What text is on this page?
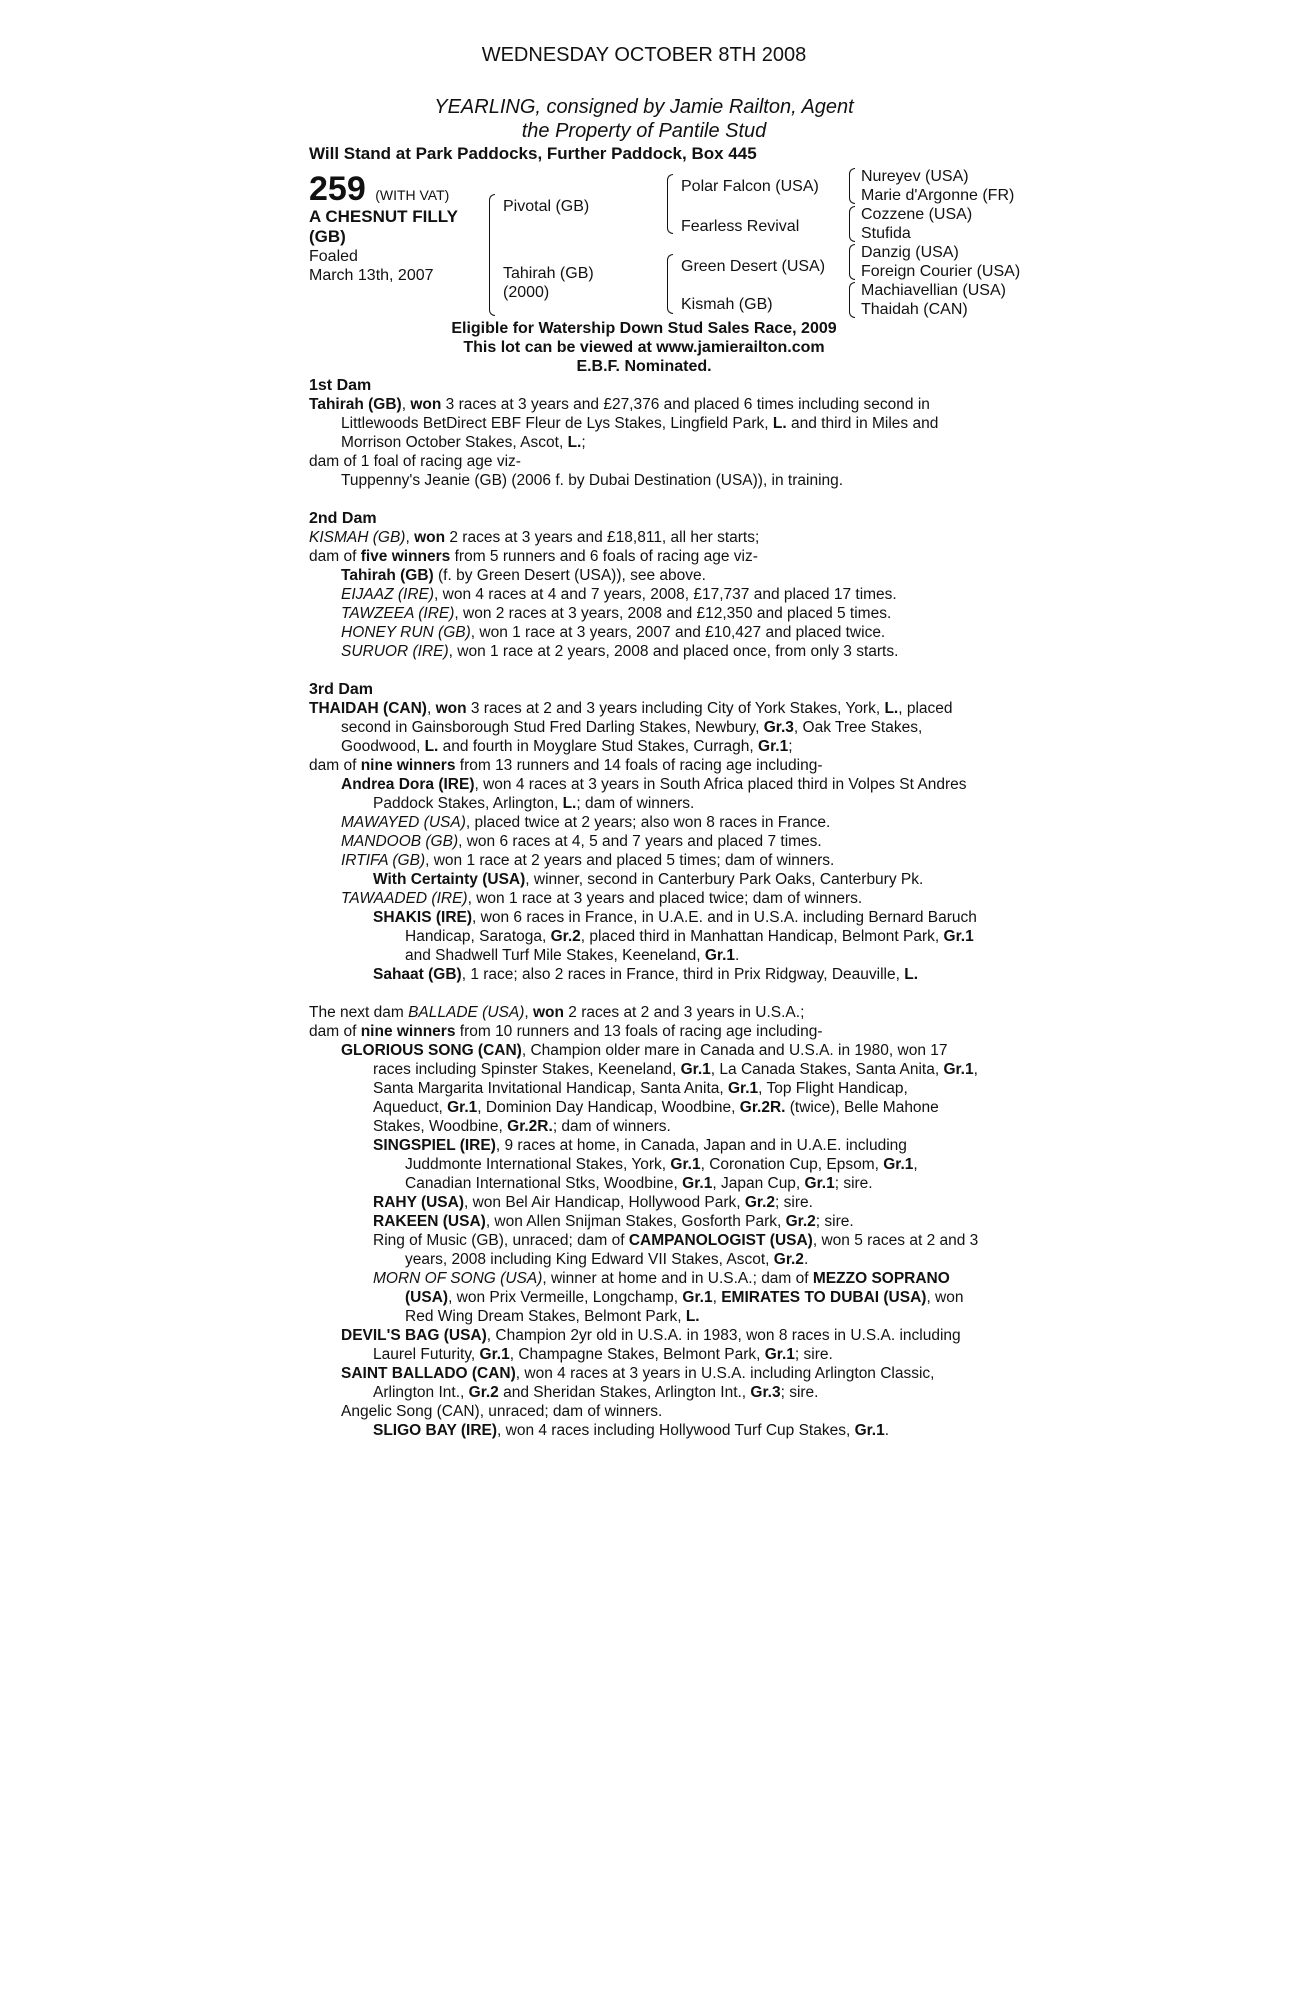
WEDNESDAY OCTOBER 8TH 2008
YEARLING, consigned by Jamie Railton, Agent
the Property of Pantile Stud
Will Stand at Park Paddocks, Further Paddock, Box 445
259 (WITH VAT)
A CHESNUT FILLY (GB)
Foaled
March 13th, 2007
Pivotal (GB)
Tahirah (GB)
(2000)
Polar Falcon (USA)
Fearless Revival
Green Desert (USA)
Kismah (GB)
Nureyev (USA)
Marie d'Argonne (FR)
Cozzene (USA)
Stufida
Danzig (USA)
Foreign Courier (USA)
Machiavellian (USA)
Thaidah (CAN)
Eligible for Watership Down Stud Sales Race, 2009
This lot can be viewed at www.jamierailton.com
E.B.F. Nominated.
1st Dam
Tahirah (GB), won 3 races at 3 years and £27,376 and placed 6 times including second in Littlewoods BetDirect EBF Fleur de Lys Stakes, Lingfield Park, L. and third in Miles and Morrison October Stakes, Ascot, L.;
dam of 1 foal of racing age viz-
Tuppenny's Jeanie (GB) (2006 f. by Dubai Destination (USA)), in training.
2nd Dam
KISMAH (GB), won 2 races at 3 years and £18,811, all her starts;
dam of five winners from 5 runners and 6 foals of racing age viz-
Tahirah (GB) (f. by Green Desert (USA)), see above.
EIJAAZ (IRE), won 4 races at 4 and 7 years, 2008, £17,737 and placed 17 times.
TAWZEEA (IRE), won 2 races at 3 years, 2008 and £12,350 and placed 5 times.
HONEY RUN (GB), won 1 race at 3 years, 2007 and £10,427 and placed twice.
SURUOR (IRE), won 1 race at 2 years, 2008 and placed once, from only 3 starts.
3rd Dam
THAIDAH (CAN), won 3 races at 2 and 3 years including City of York Stakes, York, L., placed second in Gainsborough Stud Fred Darling Stakes, Newbury, Gr.3, Oak Tree Stakes, Goodwood, L. and fourth in Moyglare Stud Stakes, Curragh, Gr.1;
dam of nine winners from 13 runners and 14 foals of racing age including-
Andrea Dora (IRE), won 4 races at 3 years in South Africa placed third in Volpes St Andres Paddock Stakes, Arlington, L.; dam of winners.
MAWAYED (USA), placed twice at 2 years; also won 8 races in France.
MANDOOB (GB), won 6 races at 4, 5 and 7 years and placed 7 times.
IRTIFA (GB), won 1 race at 2 years and placed 5 times; dam of winners.
With Certainty (USA), winner, second in Canterbury Park Oaks, Canterbury Pk.
TAWAADED (IRE), won 1 race at 3 years and placed twice; dam of winners.
SHAKIS (IRE), won 6 races in France, in U.A.E. and in U.S.A. including Bernard Baruch Handicap, Saratoga, Gr.2, placed third in Manhattan Handicap, Belmont Park, Gr.1 and Shadwell Turf Mile Stakes, Keeneland, Gr.1.
Sahaat (GB), 1 race; also 2 races in France, third in Prix Ridgway, Deauville, L.
The next dam BALLADE (USA), won 2 races at 2 and 3 years in U.S.A.;
dam of nine winners from 10 runners and 13 foals of racing age including-
GLORIOUS SONG (CAN), Champion older mare in Canada and U.S.A. in 1980, won 17 races including Spinster Stakes, Keeneland, Gr.1, La Canada Stakes, Santa Anita, Gr.1, Santa Margarita Invitational Handicap, Santa Anita, Gr.1, Top Flight Handicap, Aqueduct, Gr.1, Dominion Day Handicap, Woodbine, Gr.2R. (twice), Belle Mahone Stakes, Woodbine, Gr.2R.; dam of winners.
SINGSPIEL (IRE), 9 races at home, in Canada, Japan and in U.A.E. including Juddmonte International Stakes, York, Gr.1, Coronation Cup, Epsom, Gr.1, Canadian International Stks, Woodbine, Gr.1, Japan Cup, Gr.1; sire.
RAHY (USA), won Bel Air Handicap, Hollywood Park, Gr.2; sire.
RAKEEN (USA), won Allen Snijman Stakes, Gosforth Park, Gr.2; sire.
Ring of Music (GB), unraced; dam of CAMPANOLOGIST (USA), won 5 races at 2 and 3 years, 2008 including King Edward VII Stakes, Ascot, Gr.2.
MORN OF SONG (USA), winner at home and in U.S.A.; dam of MEZZO SOPRANO (USA), won Prix Vermeille, Longchamp, Gr.1, EMIRATES TO DUBAI (USA), won Red Wing Dream Stakes, Belmont Park, L.
DEVIL'S BAG (USA), Champion 2yr old in U.S.A. in 1983, won 8 races in U.S.A. including Laurel Futurity, Gr.1, Champagne Stakes, Belmont Park, Gr.1; sire.
SAINT BALLADO (CAN), won 4 races at 3 years in U.S.A. including Arlington Classic, Arlington Int., Gr.2 and Sheridan Stakes, Arlington Int., Gr.3; sire.
Angelic Song (CAN), unraced; dam of winners.
SLIGO BAY (IRE), won 4 races including Hollywood Turf Cup Stakes, Gr.1.
